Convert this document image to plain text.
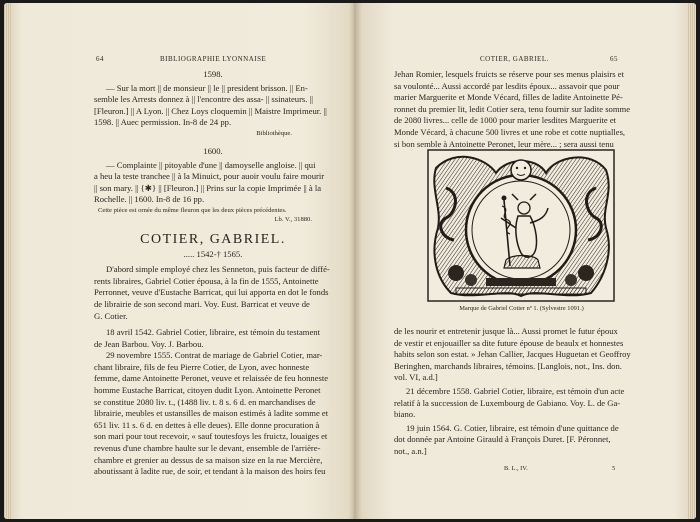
64	BIBLIOGRAPHIE LYONNAISE

1598.

— Sur la mort || de monsieur || le || president brisson. || En-

semble les Arrests donnez à || l'encontre des assa- || ssinateurs. ||

[Fleuron.] || A Lyon. || Chez Loys cloquemin || Maistre Imprimeur. ||

1598. || Auec permission. In-8 de 24 pp.

Bibliothèque.

1600.

— Complainte || pitoyable d'une || damoyselle angloise. || qui

a heu la teste tranchee || à la Minuict, pour auoir voulu faire mourir

|| son mary. || {✱} || [Fleuron.] || Prins sur la copie Imprimée || à la

Rochelle. || 1600. In-8 de 16 pp.

Cette pièce est ornée du même fleuron que les deux pièces précédentes.

Lb. V., 31880.

COTIER, GABRIEL.

..... 1542-† 1565.

D'abord simple employé chez les Senneton, puis facteur de diffé-

rents libraires, Gabriel Cotier épousa, à la fin de 1555, Antoinette

Perronnet, veuve d'Eustache Barricat, qui lui apporta en dot le fonds

de librairie de son second mari. Voy. Eust. Barricat et veuve de

G. Cotier.

18 avril 1542. Gabriel Cotier, libraire, est témoin du testament

de Jean Barbou. Voy. J. Barbou.

29 novembre 1555. Contrat de mariage de Gabriel Cotier, mar-

chant libraire, fils de feu Pierre Cotier, de Lyon, avec honneste

femme, dame Antoinette Peronet, veuve et relaissée de feu honneste

homme Eustache Barricat, citoyen dudit Lyon. Antoinette Peronet

se constitue 2080 liv. t., (1488 liv. t. 8 s. 6 d. en marchandises de

librairie, meubles et ustansilles de maison estimés à ladite somme et

651 liv. 11 s. 6 d. en dettes à elle deues). Elle donne procuration à

son mari pour tout recevoir, « sauf toutesfoys les fruictz, louaiges et

revenus d'une chambre haulte sur le devant, ensemble de l'arrière-

chambre et grenier au dessus de sa maison size en la rue Mercière,

aboutissant à ladite rue, de soir, et tendant à la maison des hoirs feu

COTIER, GABRIEL.	65

Jehan Romier, lesquels fruicts se réserve pour ses menus plaisirs et

sa voulonté... Aussi accordé par lesdits époux... assavoir que pour

marier Marguerite et Monde Vécard, filles de ladite Antoinette Pé-

ronnet du premier lit, ledit Cotier sera, tenu fournir sur ladite somme

de 2080 livres... celle de 1000 pour marier lesdites Marguerite et

Monde Vécard, à chacune 500 livres et une robe et cotte nuptialles,

si bon semble à Antoinette Peronet, leur mère... ; sera aussi tenu

Marque de Gabriel Cotier nº 1. (Sylvestre 1091.)

de les nourir et entretenir jusque là... Aussi promet le futur époux

de vestir et enjouailler sa dite future épouse de beaulx et honnestes

habits selon son estat. » Jehan Callier, Jacques Huguetan et Geoffroy

Beringhen, marchands libraires, témoins. [Langlois, not., Ins. don.

vol. VI, a.d.]

21 décembre 1558. Gabriel Cotier, libraire, est témoin d'un acte

relatif à la succession de Luxembourg de Gabiano. Voy. L. de Ga-

biano.

19 juin 1564. G. Cotier, libraire, est témoin d'une quittance de

dot donnée par Antoine Girauld à François Duret. [F. Péronnet,

not., a.n.]

B. L., IV.	5
